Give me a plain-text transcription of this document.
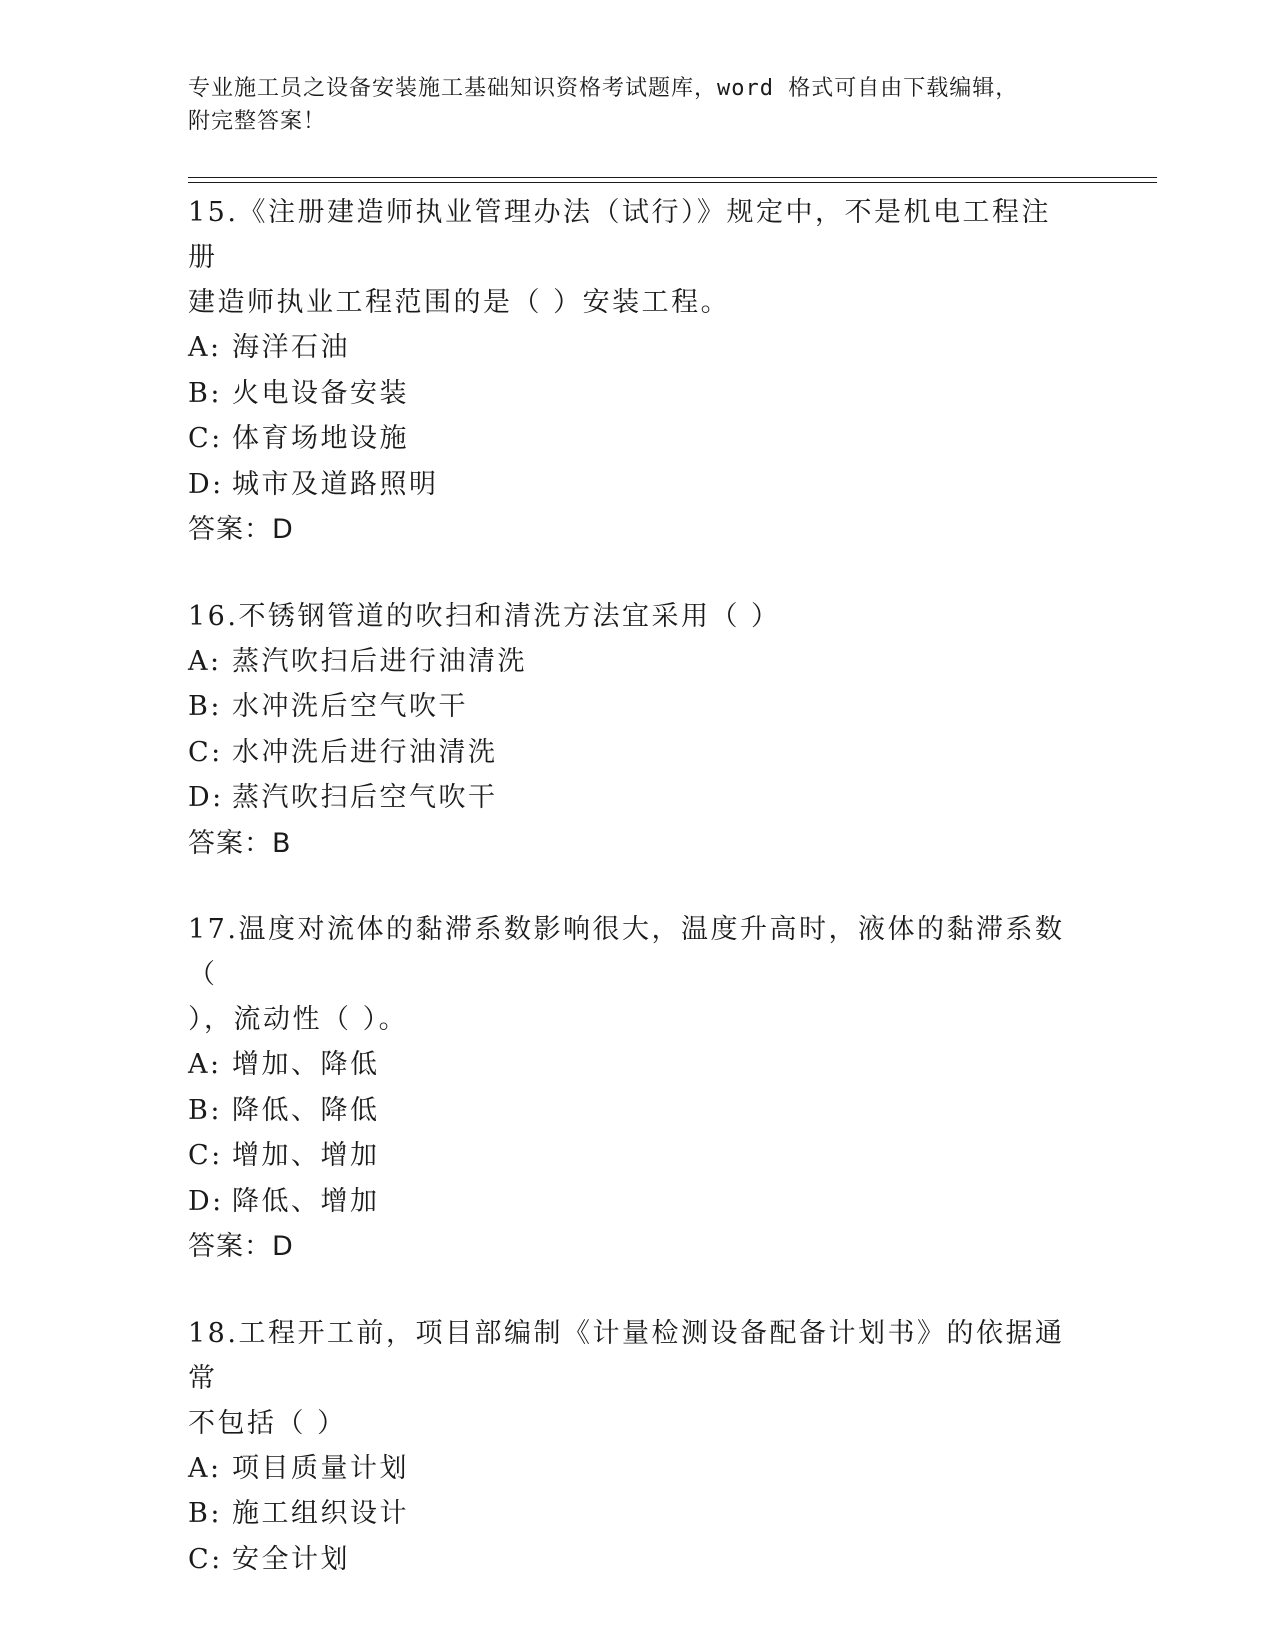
专业施工员之设备安装施工基础知识资格考试题库，word 格式可自由下载编辑，
附完整答案！
15.《注册建造师执业管理办法（试行）》规定中，不是机电工程注册
建造师执业工程范围的是（ ）安装工程。
A: 海洋石油
B: 火电设备安装
C: 体育场地设施
D: 城市及道路照明
答案：D
16.不锈钢管道的吹扫和清洗方法宜采用（ ）
A: 蒸汽吹扫后进行油清洗
B: 水冲洗后空气吹干
C: 水冲洗后进行油清洗
D: 蒸汽吹扫后空气吹干
答案：B
17.温度对流体的黏滞系数影响很大，温度升高时，液体的黏滞系数（
），流动性（ ）。
A: 增加、降低
B: 降低、降低
C: 增加、增加
D: 降低、增加
答案：D
18.工程开工前，项目部编制《计量检测设备配备计划书》的依据通常
不包括（ ）
A: 项目质量计划
B: 施工组织设计
C: 安全计划
